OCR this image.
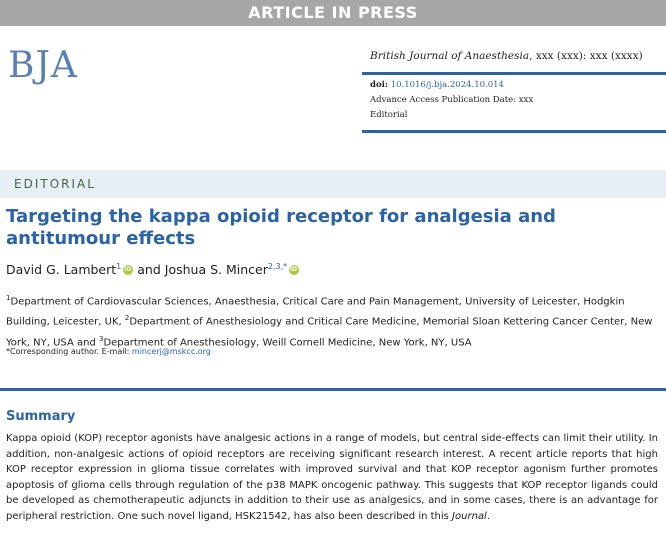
ARTICLE IN PRESS
BJA	British Journal of Anaesthesia, xxx (xxx): xxx (xxxx)
doi: 10.1016/j.bja.2024.10.014
Advance Access Publication Date: xxx
Editorial
EDITORIAL
Targeting the kappa opioid receptor for analgesia and antitumour effects
David G. Lambert$^1$iD and Joshua S. Mincer$^{2,3,*}$iD

$^1$Department of Cardiovascular Sciences, Anaesthesia, Critical Care and Pain Management, University of Leicester, Hodgkin Building, Leicester, UK, $^2$Department of Anesthesiology and Critical Care Medicine, Memorial Sloan Kettering Cancer Center, New York, NY, USA and $^3$Department of Anesthesiology, Weill Cornell Medicine, New York, NY, USA

*Corresponding author. E-mail: mincerj@mskcc.org
Summary

Kappa opioid (KOP) receptor agonists have analgesic actions in a range of models, but central side-effects can limit their utility. In addition, non-analgesic actions of opioid receptors are receiving significant research interest. A recent article reports that high KOP receptor expression in glioma tissue correlates with improved survival and that KOP receptor agonism further promotes apoptosis of glioma cells through regulation of the p38 MAPK oncogenic pathway. This suggests that KOP receptor ligands could be developed as chemotherapeutic adjuncts in addition to their use as analgesics, and in some cases, there is an advantage for peripheral restriction. One such novel ligand, HSK21542, has also been described in this Journal.
